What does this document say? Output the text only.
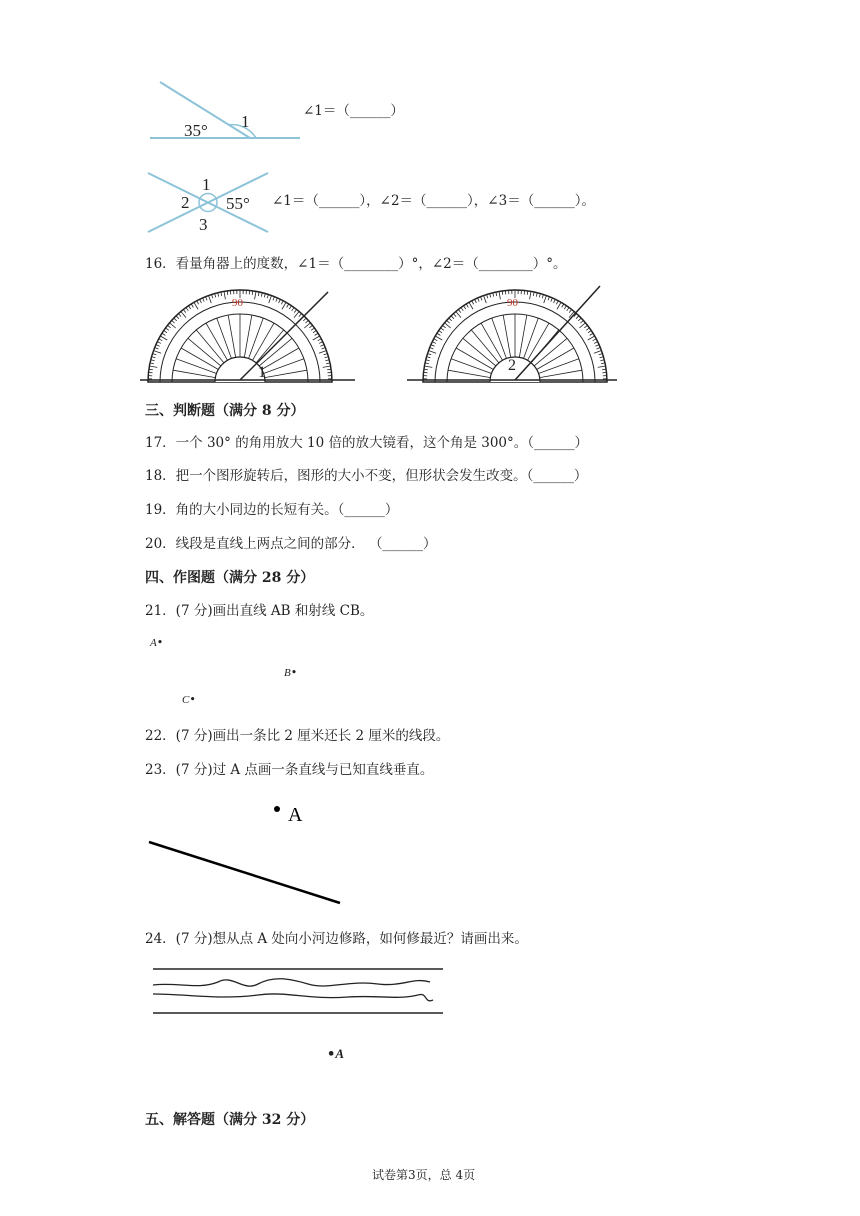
35° 1
∠1＝（______）
1
2
3
55° ∠1＝（______），∠2＝（______），∠3＝（______）。
16．看量角器上的度数，∠1＝（________）°，∠2＝（________）°。
90
1
90
2
三、判断题（满分 8 分）
17．一个 30° 的角用放大 10 倍的放大镜看，这个角是 300°。（______）
18．把一个图形旋转后，图形的大小不变，但形状会发生改变。（______）
19．角的大小同边的长短有关。（______）
20．线段是直线上两点之间的部分． （______）
四、作图题（满分 28 分）
21．(7 分)画出直线 AB 和射线 CB。
A•
B•
C•
22．(7 分)画出一条比 2 厘米还长 2 厘米的线段。
23．(7 分)过 A 点画一条直线与已知直线垂直。
A
24．(7 分)想从点 A 处向小河边修路，如何修最近？请画出来。
•A
五、解答题（满分 32 分）
试卷第3页，总 4页
